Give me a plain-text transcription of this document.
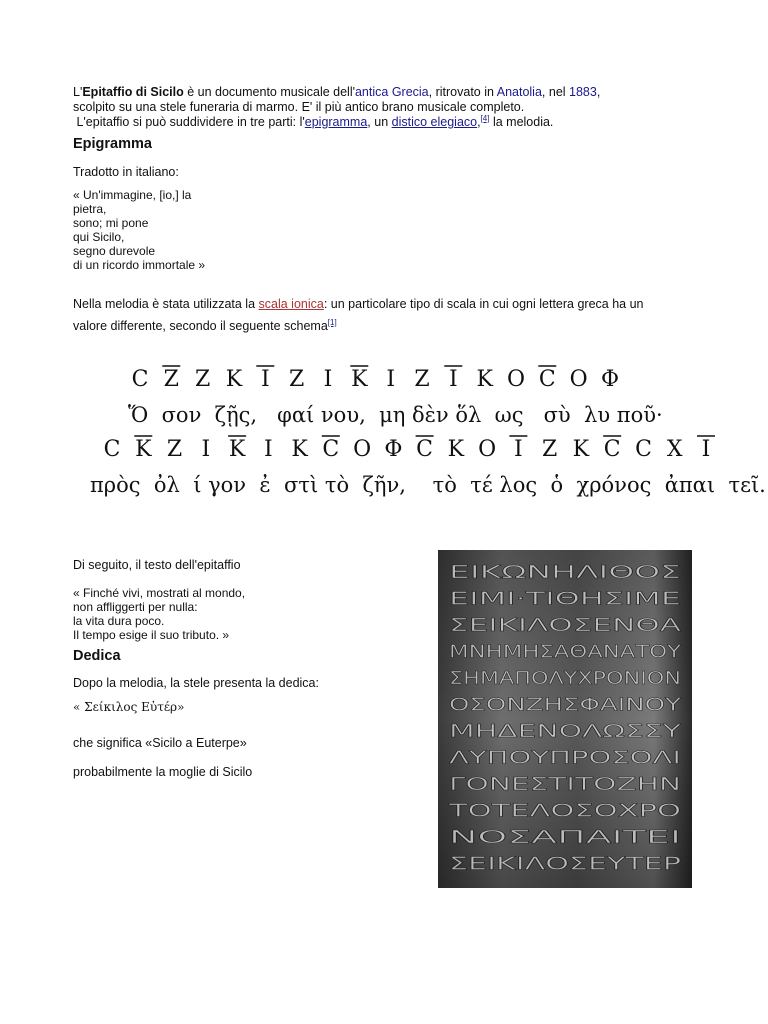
L'Epitaffio di Sicilo è un documento musicale dell'antica Grecia, ritrovato in Anatolia, nel 1883,
scolpito su una stele funeraria di marmo. E' il più antico brano musicale completo.
L'epitaffio si può suddividere in tre parti: l'epigramma, un distico elegiaco,[4] la melodia.
Epigramma
Tradotto in italiano:
« Un'immagine, [io,] la
pietra,
sono; mi pone
qui Sicilo,
segno durevole
di un ricordo immortale »
Nella melodia è stata utilizzata la scala ionica: un particolare tipo di scala in cui ogni lettera greca ha un
valore differente, secondo il seguente schema[1]
C Z Z K I Z I K I Z I K O C O Φ
Ὅ  σον  ζῇς,   φαί νου,  μη δὲν ὅλ  ως   σὺ  λυ ποῦ·
C K Z I K I K C O Φ C K O I Z K C C X I
πρὸς  ὀλ  ί γον  ἐ  στὶ τὸ  ζῆν,    τὸ  τέ λος  ὁ  χρόνος  ἀπαι  τεῖ.
Di seguito, il testo dell'epitaffio
« Finché vivi, mostrati al mondo,
non affliggerti per nulla:
la vita dura poco.
Il tempo esige il suo tributo. »
Dedica
Dopo la melodia, la stele presenta la dedica:
« Σείκιλος Εὐτέρ»
che significa «Sicilo a Euterpe»
probabilmente la moglie di Sicilo
ΕΙΚΩΝΗΛΙΘΟΣ
ΕΙΜΙ·ΤΙΘΗΣΙΜΕ
ΣΕΙΚΙΛΟΣΕΝΘΑ
ΜΝΗΜΗΣΑΘΑΝΑΤΟΥ
ΣΗΜΑΠΟΛΥΧΡΟΝΙΟΝ
ΟΣΟΝΖΗΣΦΑΙΝΟΥ
ΜΗΔΕΝΟΛΩΣΣΥ
ΛΥΠΟΥΠΡΟΣΟΛΙ
ΓΟΝΕΣΤΙΤΟΖΗΝ
ΤΟΤΕΛΟΣΟΧΡΟ
ΝΟΣΑΠΑΙΤΕΙ
ΣΕΙΚΙΛΟΣΕΥΤΕΡ
